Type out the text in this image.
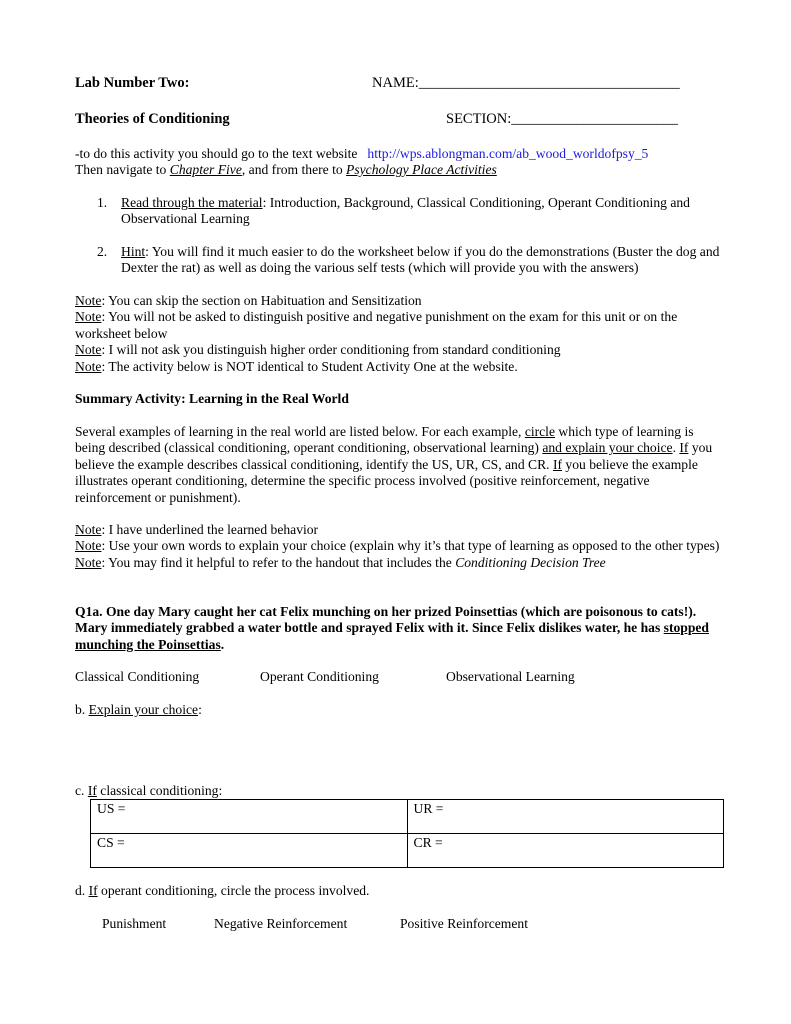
Lab Number Two:	NAME:____________________________________
Theories of Conditioning	SECTION:_______________________
-to do this activity you should go to the text website http://wps.ablongman.com/ab_wood_worldofpsy_5
Then navigate to Chapter Five, and from there to Psychology Place Activities
1. Read through the material: Introduction, Background, Classical Conditioning, Operant Conditioning and Observational Learning
2. Hint: You will find it much easier to do the worksheet below if you do the demonstrations (Buster the dog and Dexter the rat) as well as doing the various self tests (which will provide you with the answers)
Note: You can skip the section on Habituation and Sensitization
Note: You will not be asked to distinguish positive and negative punishment on the exam for this unit or on the worksheet below
Note: I will not ask you distinguish higher order conditioning from standard conditioning
Note: The activity below is NOT identical to Student Activity One at the website.
Summary Activity: Learning in the Real World
Several examples of learning in the real world are listed below. For each example, circle which type of learning is being described (classical conditioning, operant conditioning, observational learning) and explain your choice. If you believe the example describes classical conditioning, identify the US, UR, CS, and CR. If you believe the example illustrates operant conditioning, determine the specific process involved (positive reinforcement, negative reinforcement or punishment).
Note: I have underlined the learned behavior
Note: Use your own words to explain your choice (explain why it’s that type of learning as opposed to the other types)
Note: You may find it helpful to refer to the handout that includes the Conditioning Decision Tree
Q1a. One day Mary caught her cat Felix munching on her prized Poinsettias (which are poisonous to cats!). Mary immediately grabbed a water bottle and sprayed Felix with it. Since Felix dislikes water, he has stopped munching the Poinsettias.
Classical Conditioning	Operant Conditioning	Observational Learning
b. Explain your choice:
c. If classical conditioning:
US =	UR =
CS =	CR =
d. If operant conditioning, circle the process involved.
Punishment	Negative Reinforcement	Positive Reinforcement
